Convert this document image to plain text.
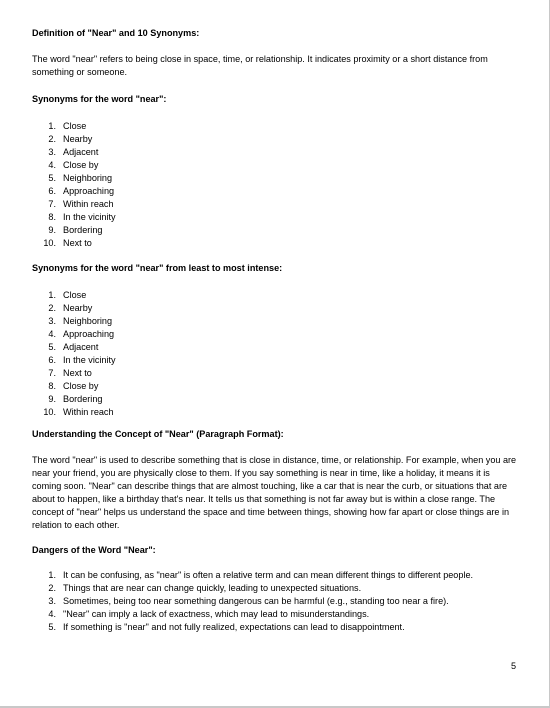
Definition of "Near" and 10 Synonyms:

The word "near" refers to being close in space, time, or relationship. It indicates proximity or a short distance from something or someone.

Synonyms for the word "near":
1. Close
2. Nearby
3. Adjacent
4. Close by
5. Neighboring
6. Approaching
7. Within reach
8. In the vicinity
9. Bordering
10. Next to
Synonyms for the word "near" from least to most intense:
1. Close
2. Nearby
3. Neighboring
4. Approaching
5. Adjacent
6. In the vicinity
7. Next to
8. Close by
9. Bordering
10. Within reach
Understanding the Concept of "Near" (Paragraph Format):

The word "near" is used to describe something that is close in distance, time, or relationship. For example, when you are near your friend, you are physically close to them. If you say something is near in time, like a holiday, it means it is coming soon. "Near" can describe things that are almost touching, like a car that is near the curb, or situations that are about to happen, like a birthday that's near. It tells us that something is not far away but is within a close range. The concept of "near" helps us understand the space and time between things, showing how far apart or close things are in relation to each other.

Dangers of the Word "Near":
1. It can be confusing, as "near" is often a relative term and can mean different things to different people.
2. Things that are near can change quickly, leading to unexpected situations.
3. Sometimes, being too near something dangerous can be harmful (e.g., standing too near a fire).
4. "Near" can imply a lack of exactness, which may lead to misunderstandings.
5. If something is "near" and not fully realized, expectations can lead to disappointment.
5
